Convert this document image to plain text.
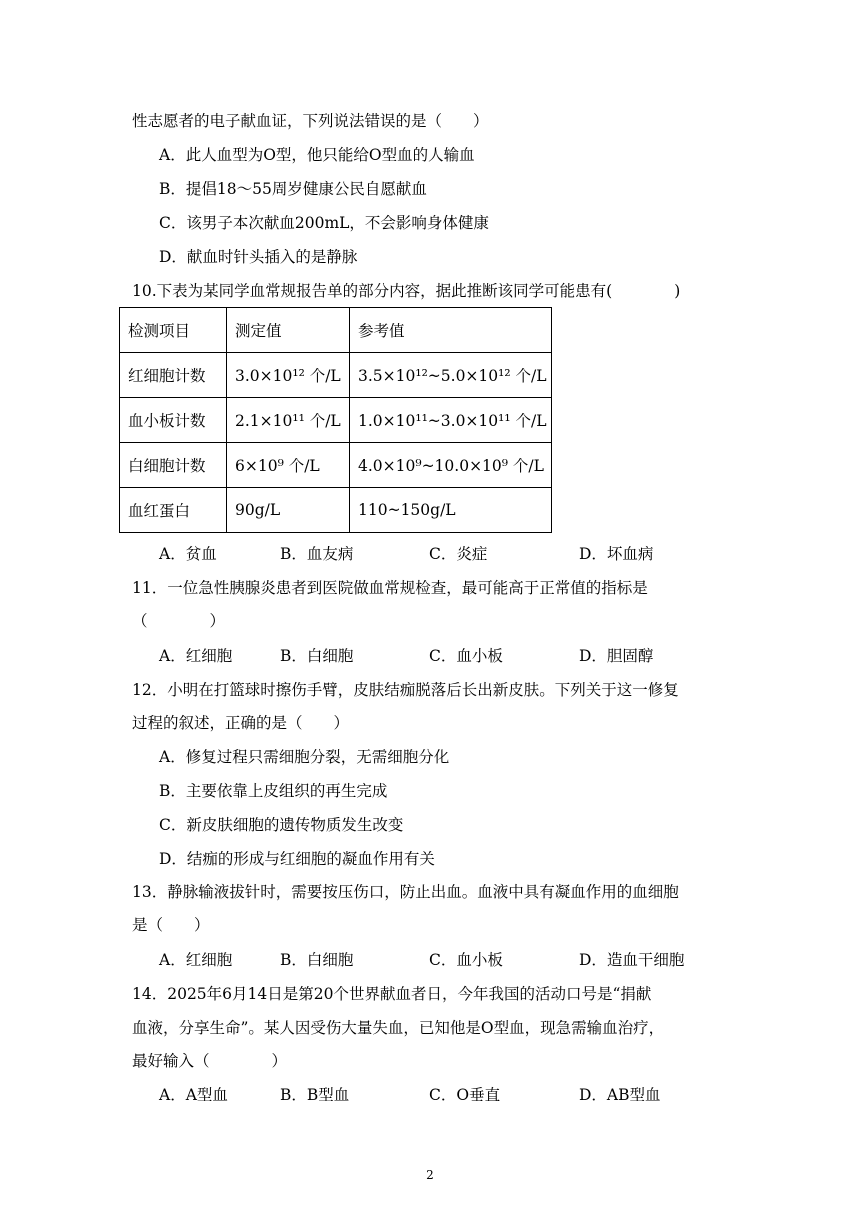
性志愿者的电子献血证，下列说法错误的是（　　）
A．此人血型为O型，他只能给O型血的人输血
B．提倡18～55周岁健康公民自愿献血
C．该男子本次献血200mL，不会影响身体健康
D．献血时针头插入的是静脉
10.下表为某同学血常规报告单的部分内容，据此推断该同学可能患有(　　　　)
检测项目	测定值	参考值
红细胞计数	3.0×10¹² 个/L	3.5×10¹²~5.0×10¹² 个/L
血小板计数	2.1×10¹¹ 个/L	1.0×10¹¹~3.0×10¹¹ 个/L
白细胞计数	6×10⁹ 个/L	4.0×10⁹~10.0×10⁹ 个/L
血红蛋白	90g/L	110~150g/L
A．贫血	B．血友病	C．炎症	D．坏血病
11．一位急性胰腺炎患者到医院做血常规检查，最可能高于正常值的指标是
（　　　　）
A．红细胞	B．白细胞	C．血小板	D．胆固醇
12．小明在打篮球时擦伤手臂，皮肤结痂脱落后长出新皮肤。下列关于这一修复
过程的叙述，正确的是（　　）
A．修复过程只需细胞分裂，无需细胞分化
B．主要依靠上皮组织的再生完成
C．新皮肤细胞的遗传物质发生改变
D．结痂的形成与红细胞的凝血作用有关
13．静脉输液拔针时，需要按压伤口，防止出血。血液中具有凝血作用的血细胞
是（　　）
A．红细胞	B．白细胞	C．血小板	D．造血干细胞
14．2025年6月14日是第20个世界献血者日，今年我国的活动口号是“捐献
血液，分享生命”。某人因受伤大量失血，已知他是O型血，现急需输血治疗，
最好输入（　　　　）
A．A型血	B．B型血	C．O垂直	D．AB型血
2
